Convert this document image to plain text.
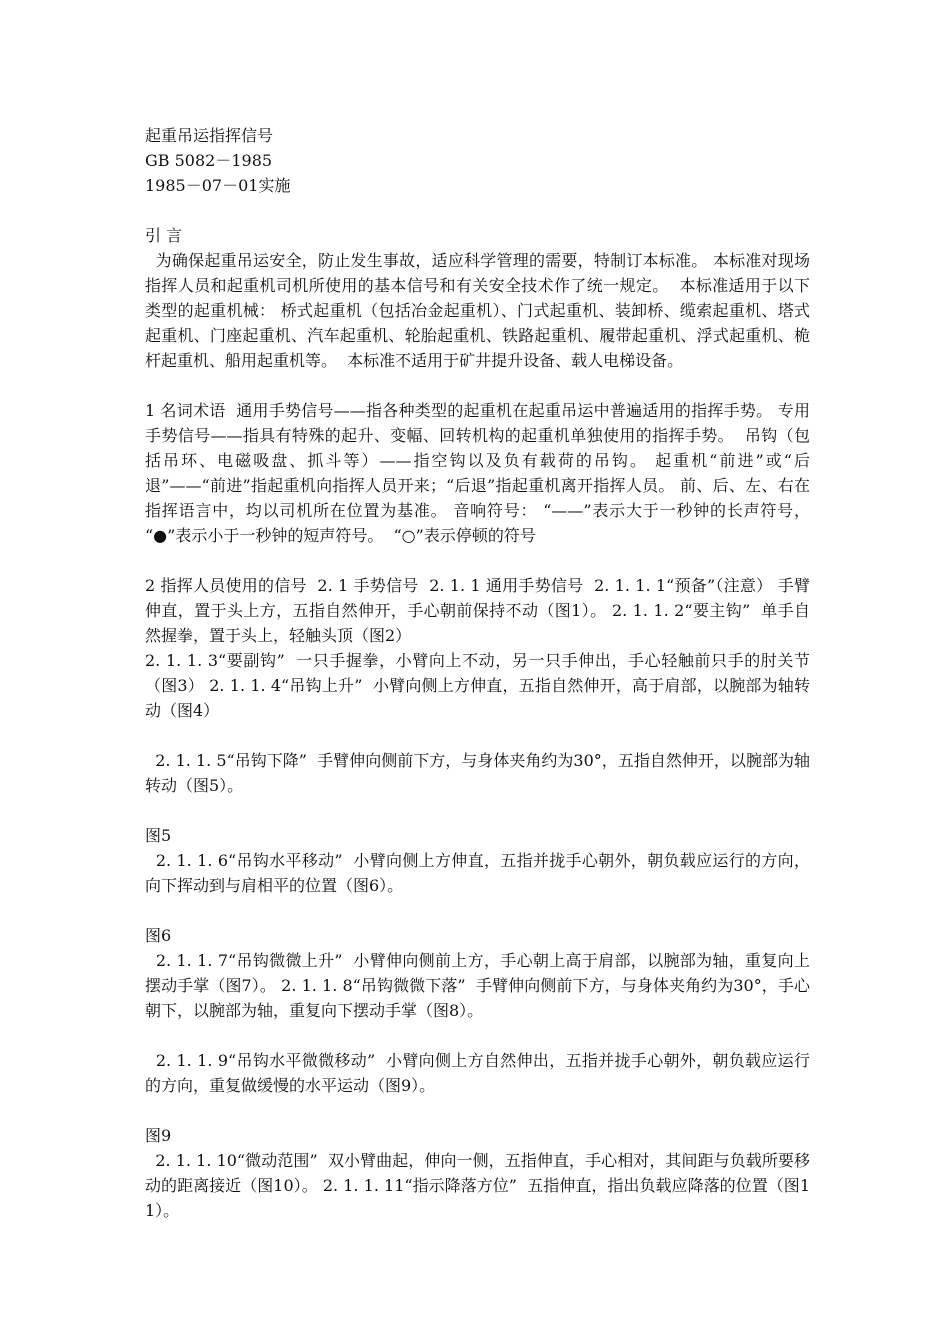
起重吊运指挥信号

GB 5082－1985

1985－07－01实施

引 言

为确保起重吊运安全，防止发生事故，适应科学管理的需要，特制订本标准。 本标准对现场指挥人员和起重机司机所使用的基本信号和有关安全技术作了统一规定。  本标准适用于以下类型的起重机械： 桥式起重机（包括冶金起重机）、门式起重机、装卸桥、缆索起重机、塔式起重机、门座起重机、汽车起重机、轮胎起重机、铁路起重机、履带起重机、浮式起重机、桅杆起重机、船用起重机等。  本标准不适用于矿井提升设备、载人电梯设备。

1 名词术语  通用手势信号——指各种类型的起重机在起重吊运中普遍适用的指挥手势。 专用手势信号——指具有特殊的起升、变幅、回转机构的起重机单独使用的指挥手势。  吊钩（包括吊环、电磁吸盘、抓斗等）——指空钩以及负有载荷的吊钩。 起重机“前进”或“后退”——“前进”指起重机向指挥人员开来；“后退”指起重机离开指挥人员。 前、后、左、右在指挥语言中，均以司机所在位置为基准。 音响符号： “——”表示大于一秒钟的长声符号，  “●”表示小于一秒钟的短声符号。  “○”表示停顿的符号

2 指挥人员使用的信号  2. 1 手势信号  2. 1. 1 通用手势信号  2. 1. 1. 1“预备”（注意） 手臂伸直，置于头上方，五指自然伸开，手心朝前保持不动（图1）。 2. 1. 1. 2“要主钩”  单手自然握拳，置于头上，轻触头顶（图2）

2. 1. 1. 3“要副钩”  一只手握拳，小臂向上不动，另一只手伸出，手心轻触前只手的肘关节（图3） 2. 1. 1. 4“吊钩上升”  小臂向侧上方伸直，五指自然伸开，高于肩部，以腕部为轴转动（图4）

2. 1. 1. 5“吊钩下降”  手臂伸向侧前下方，与身体夹角约为30°，五指自然伸开，以腕部为轴转动（图5）。

图5

2. 1. 1. 6“吊钩水平移动”  小臂向侧上方伸直，五指并拢手心朝外，朝负载应运行的方向，向下挥动到与肩相平的位置（图6）。

图6

2. 1. 1. 7“吊钩微微上升”  小臂伸向侧前上方，手心朝上高于肩部，以腕部为轴，重复向上摆动手掌（图7）。 2. 1. 1. 8“吊钩微微下落”  手臂伸向侧前下方，与身体夹角约为30°，手心朝下，以腕部为轴，重复向下摆动手掌（图8）。

2. 1. 1. 9“吊钩水平微微移动”  小臂向侧上方自然伸出，五指并拢手心朝外，朝负载应运行的方向，重复做缓慢的水平运动（图9）。

图9

2. 1. 1. 10“微动范围”  双小臂曲起，伸向一侧，五指伸直，手心相对，其间距与负载所要移动的距离接近（图10）。 2. 1. 1. 11“指示降落方位”  五指伸直，指出负载应降落的位置（图11）。
